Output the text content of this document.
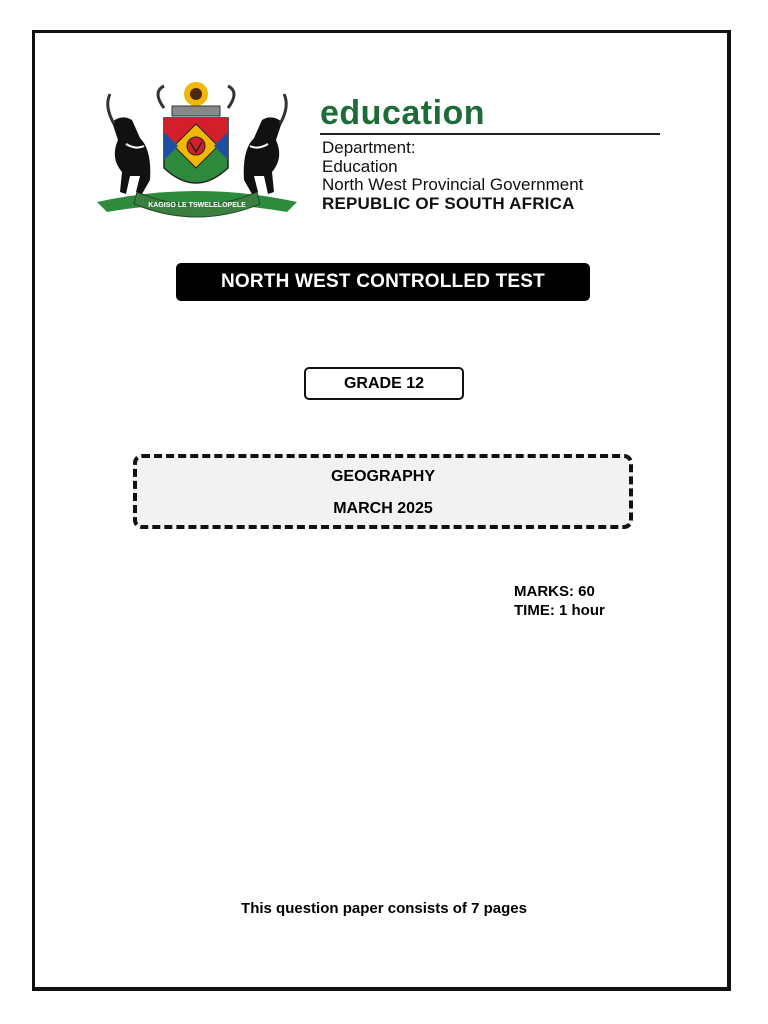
KAGISO LE TSWELELOPELE
education
Department:
Education
North West Provincial Government
REPUBLIC OF SOUTH AFRICA
NORTH WEST CONTROLLED TEST
GRADE 12
GEOGRAPHY
MARCH 2025
MARKS: 60
TIME: 1 hour
This question paper consists of 7 pages
